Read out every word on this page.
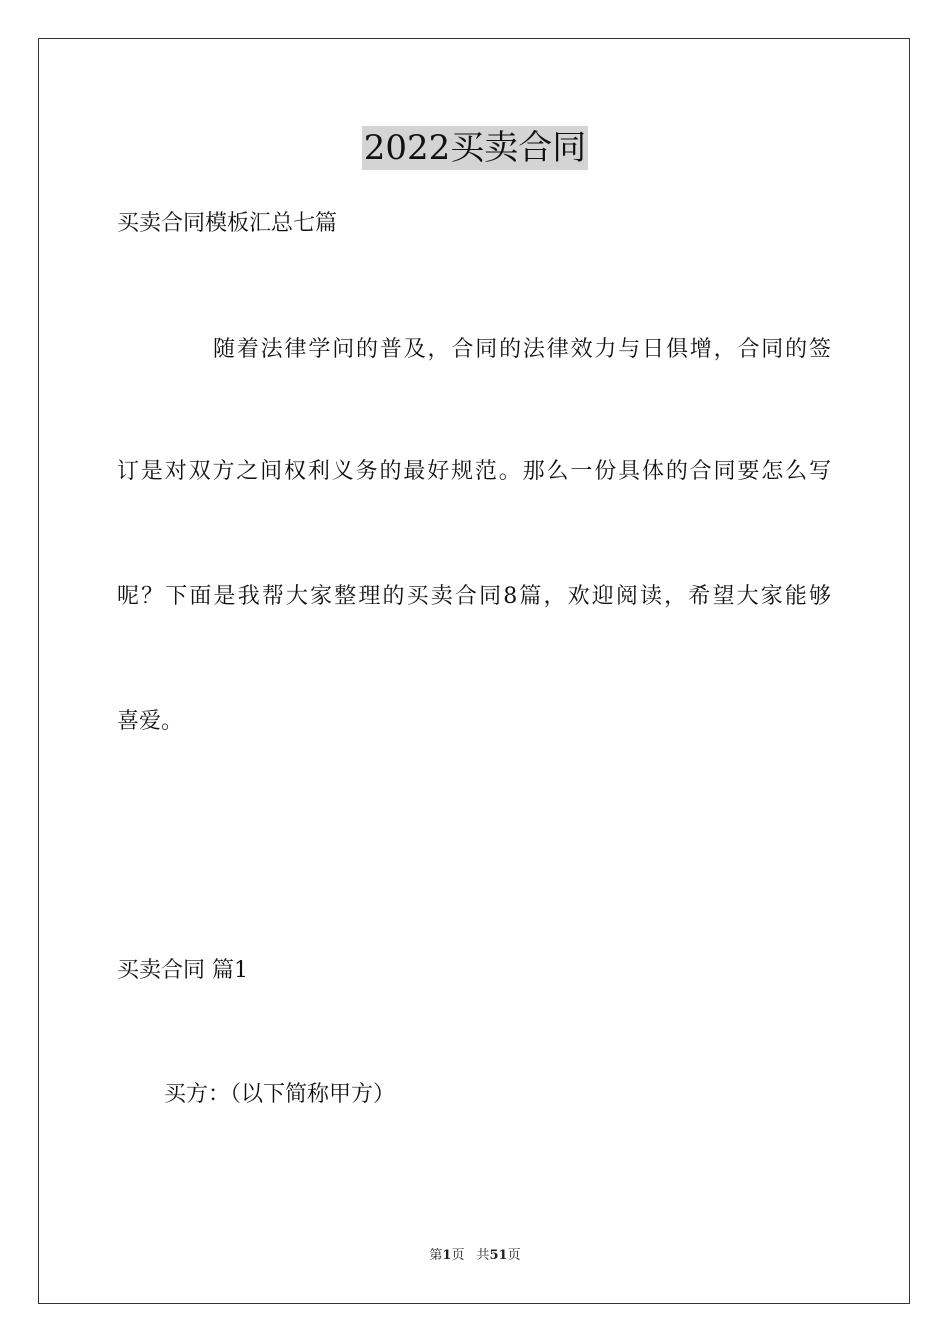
2022买卖合同
买卖合同模板汇总七篇
随着法律学问的普及，合同的法律效力与日俱增，合同的签
订是对双方之间权利义务的最好规范。那么一份具体的合同要怎么写
呢？下面是我帮大家整理的买卖合同8篇，欢迎阅读，希望大家能够
喜爱。
买卖合同 篇1
买方：（以下简称甲方）
第1页 共51页
